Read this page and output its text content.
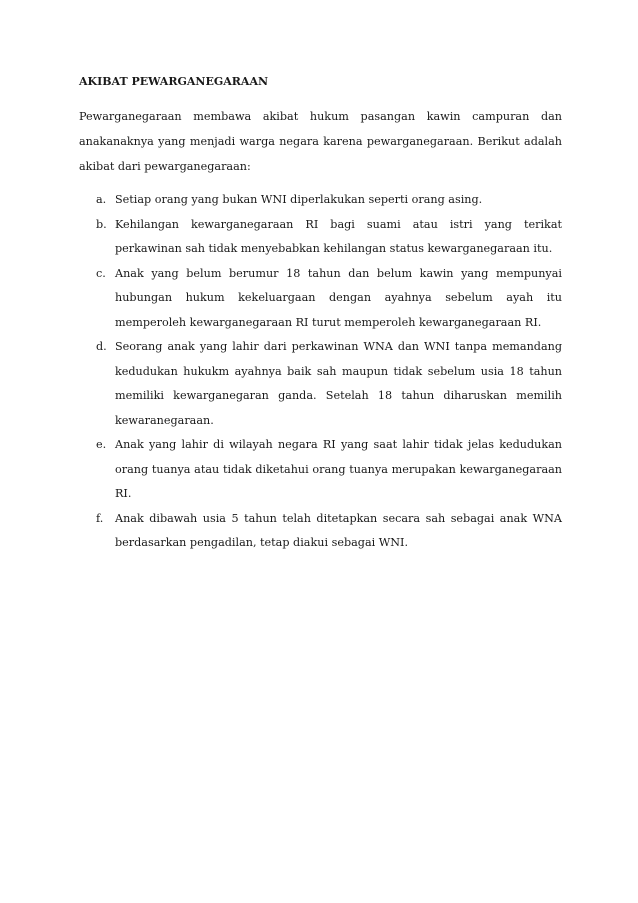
AKIBAT PEWARGANEGARAAN

Pewarganegaraan membawa akibat hukum pasangan kawin campuran dan anakanaknya yang menjadi warga negara karena pewarganegaraan. Berikut adalah akibat dari pewarganegaraan:

a. Setiap orang yang bukan WNI diperlakukan seperti orang asing.
b. Kehilangan kewarganegaraan RI bagi suami atau istri yang terikat perkawinan sah tidak menyebabkan kehilangan status kewarganegaraan itu.
c. Anak yang belum berumur 18 tahun dan belum kawin yang mempunyai hubungan hukum kekeluargaan dengan ayahnya sebelum ayah itu memperoleh kewarganegaraan RI turut memperoleh kewarganegaraan RI.
d. Seorang anak yang lahir dari perkawinan WNA dan WNI tanpa memandang kedudukan hukukm ayahnya baik sah maupun tidak sebelum usia 18 tahun memiliki kewarganegaran ganda. Setelah 18 tahun diharuskan memilih kewaranegaraan.
e. Anak yang lahir di wilayah negara RI yang saat lahir tidak jelas kedudukan orang tuanya atau tidak diketahui orang tuanya merupakan kewarganegaraan RI.
f. Anak dibawah usia 5 tahun telah ditetapkan secara sah sebagai anak WNA berdasarkan pengadilan, tetap diakui sebagai WNI.
